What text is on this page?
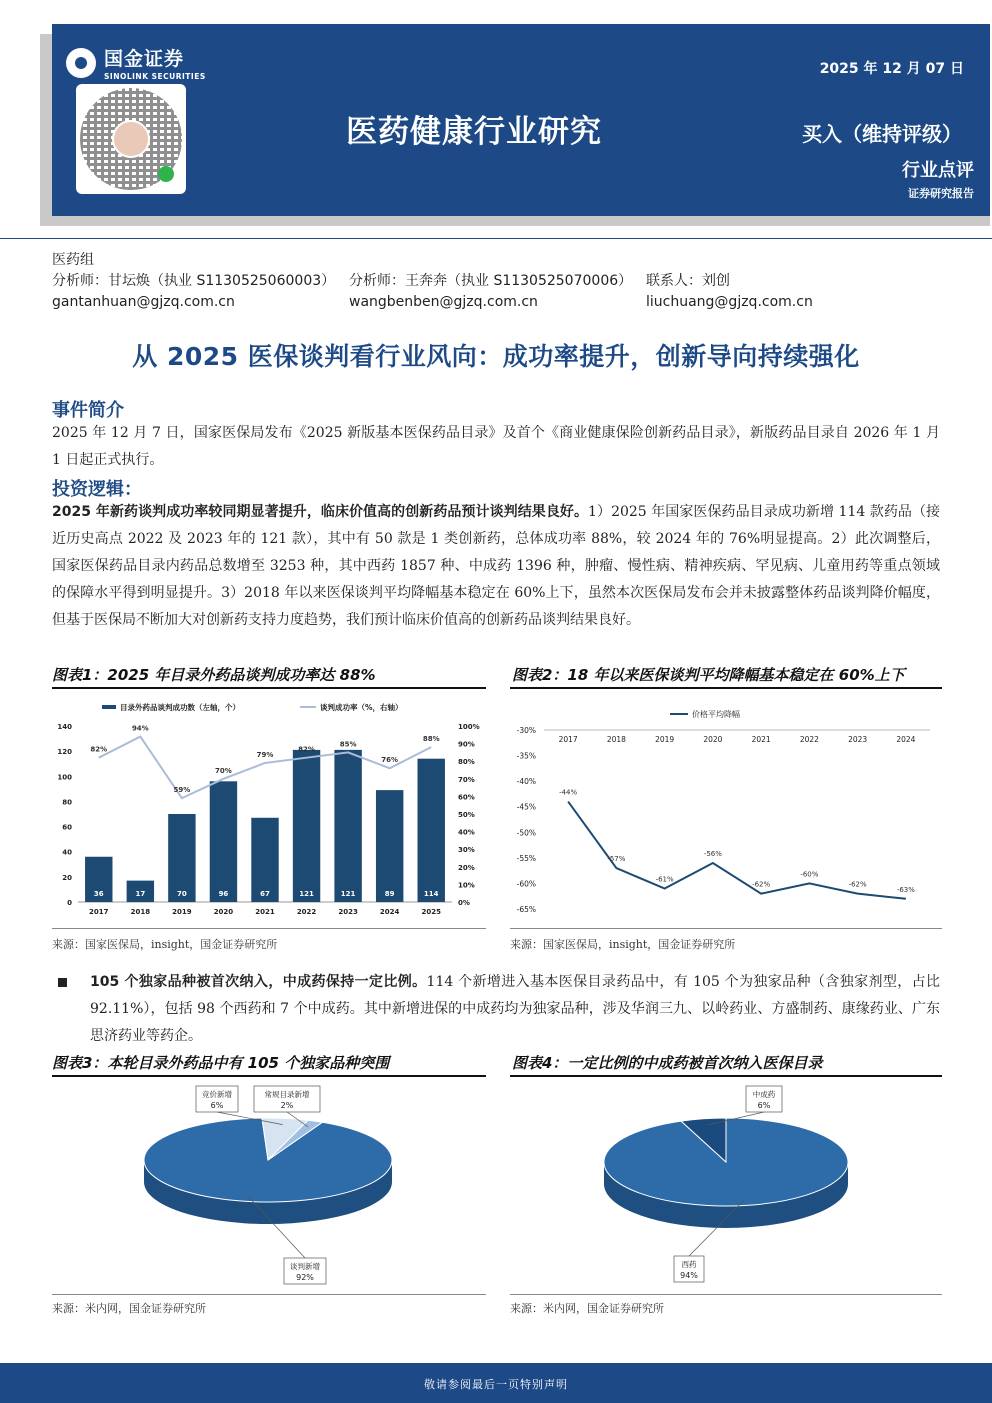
国金证券
SINOLINK SECURITIES	2025 年 12 月 07 日
医药健康行业研究	买入（维持评级）
行业点评
证券研究报告
医药组
分析师：甘坛焕（执业 S1130525060003） 分析师：王奔奔（执业 S1130525070006） 联系人：刘创
gantanhuan@gjzq.com.cn	wangbenben@gjzq.com.cn	liuchuang@gjzq.com.cn
从 2025 医保谈判看行业风向：成功率提升，创新导向持续强化
事件简介
2025 年 12 月 7 日，国家医保局发布《2025 新版基本医保药品目录》及首个《商业健康保险创新药品目录》，新版药品目录自 2026 年 1 月 1 日起正式执行。
投资逻辑：
2025 年新药谈判成功率较同期显著提升，临床价值高的创新药品预计谈判结果良好。1）2025 年国家医保药品目录成功新增 114 款药品（接近历史高点 2022 及 2023 年的 121 款），其中有 50 款是 1 类创新药，总体成功率 88%，较 2024 年的 76%明显提高。2）此次调整后，国家医保药品目录内药品总数增至 3253 种，其中西药 1857 种、中成药 1396 种，肿瘤、慢性病、精神疾病、罕见病、儿童用药等重点领域的保障水平得到明显提升。3）2018 年以来医保谈判平均降幅基本稳定在 60%上下，虽然本次医保局发布会并未披露整体药品谈判降价幅度，但基于医保局不断加大对创新药支持力度趋势，我们预计临床价值高的创新药品谈判结果良好。
图表1：2025 年目录外药品谈判成功率达 88%	图表2：18 年以来医保谈判平均降幅基本稳定在 60%上下
目录外药品谈判成功数（左轴，个）	谈判成功率（%，右轴）
0
20
40
60
80
100
120
140
0%
10%
20%
30%
40%
50%
60%
70%
80%
90%
100%
36
2017
17
2018
70
2019
96
2020
67
2021
121
2022
121
2023
89
2024
114
2025
82%
94%
59%
70%
79%
82%
85%
76%
88%
价格平均降幅
-30%
-35%
-40%
-45%
-50%
-55%
-60%
-65%
2017	2018	2019	2020	2021	2022	2023	2024
-44%
-57%
-61%
-56%
-62%
-60%
-62%
-63%
来源：国家医保局，insight，国金证券研究所	来源：国家医保局，insight，国金证券研究所
105 个独家品种被首次纳入，中成药保持一定比例。114 个新增进入基本医保目录药品中，有 105 个为独家品种（含独家剂型，占比 92.11%），包括 98 个西药和 7 个中成药。其中新增进保的中成药均为独家品种，涉及华润三九、以岭药业、方盛制药、康缘药业、广东思济药业等药企。
图表3：本轮目录外药品中有 105 个独家品种突围	图表4：一定比例的中成药被首次纳入医保目录
谈判新增
92%
竞价新增
6%
常规目录新增
2%
西药
94%
中成药
6%
来源：米内网，国金证券研究所	来源：米内网，国金证券研究所
敬请参阅最后一页特别声明
